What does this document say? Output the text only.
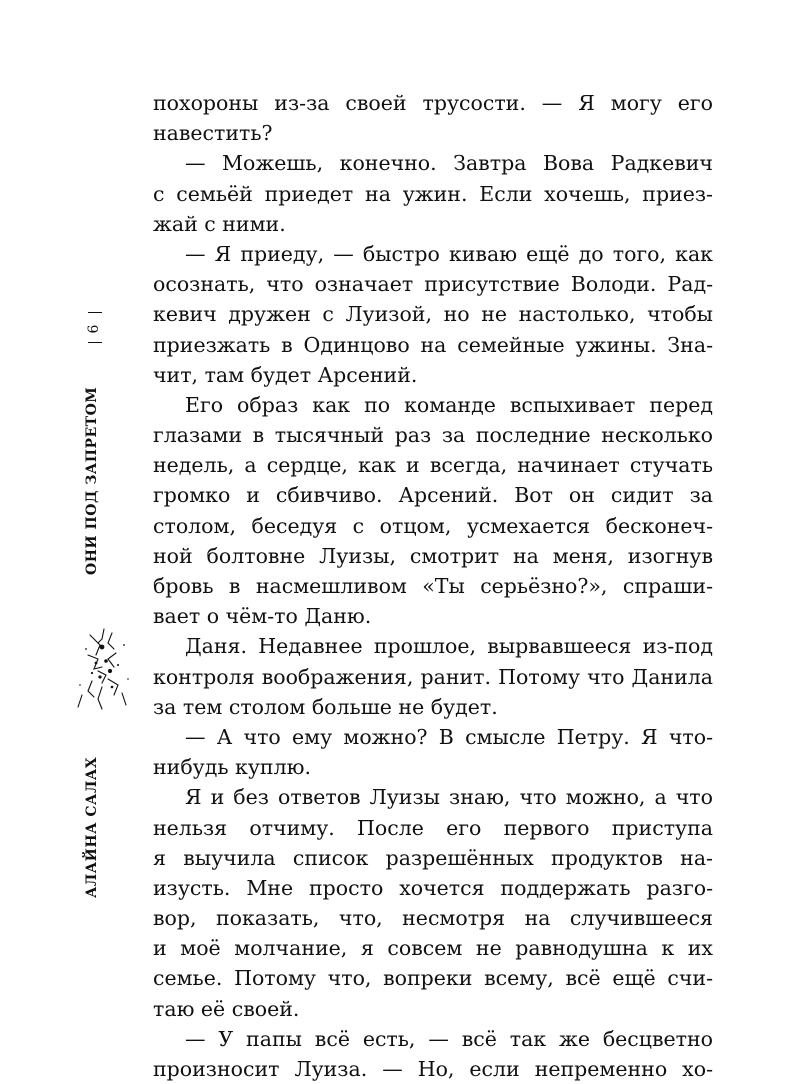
6
ОНИ ПОД ЗАПРЕТОМ
АЛАЙНА САЛАХ
похороны из-за своей трусости. — Я могу его
навестить?
— Можешь, конечно. Завтра Вова Радкевич
с семьёй приедет на ужин. Если хочешь, приез-
жай с ними.
— Я приеду, — быстро киваю ещё до того, как
осознать, что означает присутствие Володи. Рад-
кевич дружен с Луизой, но не настолько, чтобы
приезжать в Одинцово на семейные ужины. Зна-
чит, там будет Арсений.
Его образ как по команде вспыхивает перед
глазами в тысячный раз за последние несколько
недель, а сердце, как и всегда, начинает стучать
громко и сбивчиво. Арсений. Вот он сидит за
столом, беседуя с отцом, усмехается бесконеч-
ной болтовне Луизы, смотрит на меня, изогнув
бровь в насмешливом «Ты серьёзно?», спраши-
вает о чём-то Даню.
Даня. Недавнее прошлое, вырвавшееся из-под
контроля воображения, ранит. Потому что Данила
за тем столом больше не будет.
— А что ему можно? В смысле Петру. Я что-
нибудь куплю.
Я и без ответов Луизы знаю, что можно, а что
нельзя отчиму. После его первого приступа
я выучила список разрешённых продуктов на-
изусть. Мне просто хочется поддержать разго-
вор, показать, что, несмотря на случившееся
и моё молчание, я совсем не равнодушна к их
семье. Потому что, вопреки всему, всё ещё счи-
таю её своей.
— У папы всё есть, — всё так же бесцветно
произносит Луиза. — Но, если непременно хо-
